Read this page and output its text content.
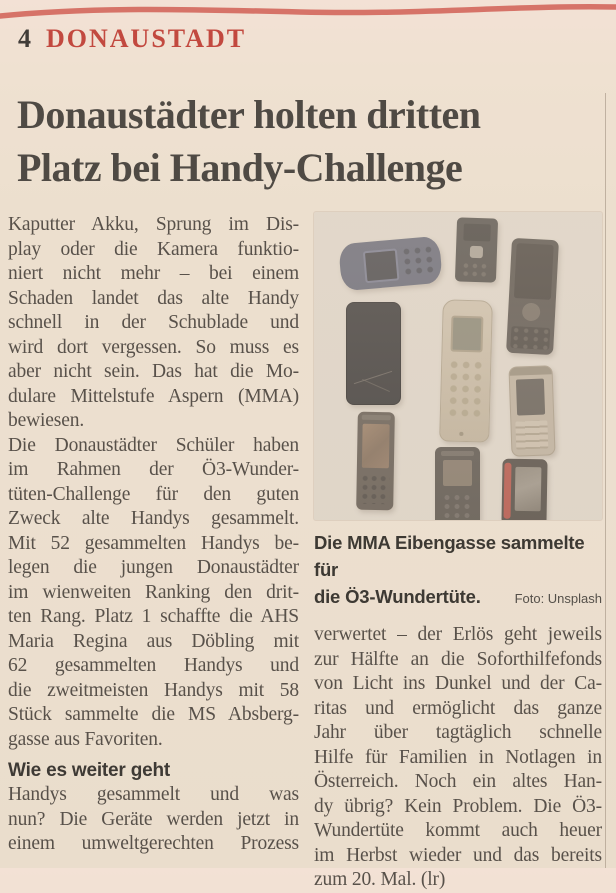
4 DONAUSTADT
Donaustädter holten dritten
Platz bei Handy-Challenge
Kaputter Akku, Sprung im Dis-
play oder die Kamera funktio-
niert nicht mehr – bei einem
Schaden landet das alte Handy
schnell in der Schublade und
wird dort vergessen. So muss es
aber nicht sein. Das hat die Mo-
dulare Mittelstufe Aspern (MMA)
bewiesen.
Die Donaustädter Schüler haben
im Rahmen der Ö3-Wunder-
tüten-Challenge für den guten
Zweck alte Handys gesammelt.
Mit 52 gesammelten Handys be-
legen die jungen Donaustädter
im wienweiten Ranking den drit-
ten Rang. Platz 1 schaffte die AHS
Maria Regina aus Döbling mit
62 gesammelten Handys und
die zweitmeisten Handys mit 58
Stück sammelte die MS Absberg-
gasse aus Favoriten.
Wie es weiter geht
Handys gesammelt und was
nun? Die Geräte werden jetzt in
einem umweltgerechten Prozess
Die MMA Eibengasse sammelte für
die Ö3-Wundertüte.	Foto: Unsplash
verwertet – der Erlös geht jeweils
zur Hälfte an die Soforthilfefonds
von Licht ins Dunkel und der Ca-
ritas und ermöglicht das ganze
Jahr über tagtäglich schnelle
Hilfe für Familien in Notlagen in
Österreich. Noch ein altes Han-
dy übrig? Kein Problem. Die Ö3-
Wundertüte kommt auch heuer
im Herbst wieder und das bereits
zum 20. Mal. (lr)
